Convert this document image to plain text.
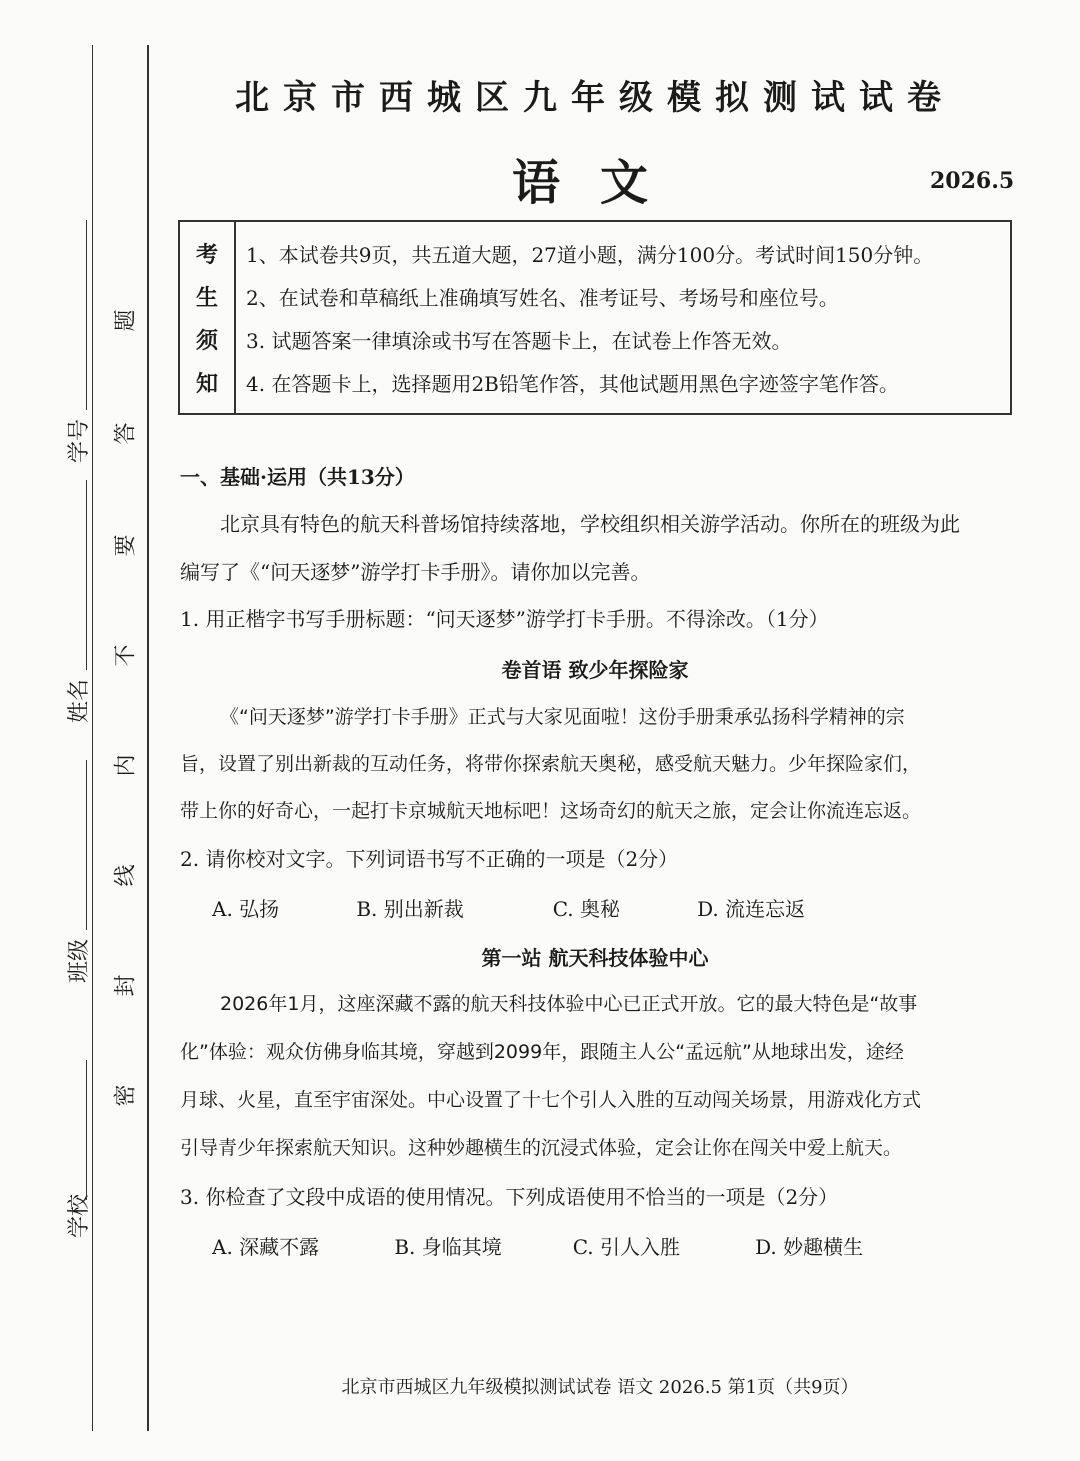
学校
班级
姓名
学号
密
封
线
内
不
要
答
题
北京市西城区九年级模拟测试试卷
语文	2026.5
考
生
须
知
1、本试卷共9页，共五道大题，27道小题，满分100分。考试时间150分钟。
2、在试卷和草稿纸上准确填写姓名、准考证号、考场号和座位号。
3. 试题答案一律填涂或书写在答题卡上，在试卷上作答无效。
4. 在答题卡上，选择题用2B铅笔作答，其他试题用黑色字迹签字笔作答。
一、基础·运用（共13分）
北京具有特色的航天科普场馆持续落地，学校组织相关游学活动。你所在的班级为此
编写了《“问天逐梦”游学打卡手册》。请你加以完善。
1. 用正楷字书写手册标题：“问天逐梦”游学打卡手册。不得涂改。（1分）
卷首语 致少年探险家
《“问天逐梦”游学打卡手册》正式与大家见面啦！这份手册秉承弘扬科学精神的宗
旨，设置了别出新裁的互动任务，将带你探索航天奥秘，感受航天魅力。少年探险家们，
带上你的好奇心，一起打卡京城航天地标吧！这场奇幻的航天之旅，定会让你流连忘返。
2. 请你校对文字。下列词语书写不正确的一项是（2分）
A. 弘扬	B. 别出新裁	C. 奥秘	D. 流连忘返
第一站 航天科技体验中心
2026年1月，这座深藏不露的航天科技体验中心已正式开放。它的最大特色是“故事
化”体验：观众仿佛身临其境，穿越到2099年，跟随主人公“孟远航”从地球出发，途经
月球、火星，直至宇宙深处。中心设置了十七个引人入胜的互动闯关场景，用游戏化方式
引导青少年探索航天知识。这种妙趣横生的沉浸式体验，定会让你在闯关中爱上航天。
3. 你检查了文段中成语的使用情况。下列成语使用不恰当的一项是（2分）
A. 深藏不露	B. 身临其境	C. 引人入胜	D. 妙趣横生
北京市西城区九年级模拟测试试卷 语文 2026.5 第1页（共9页）
